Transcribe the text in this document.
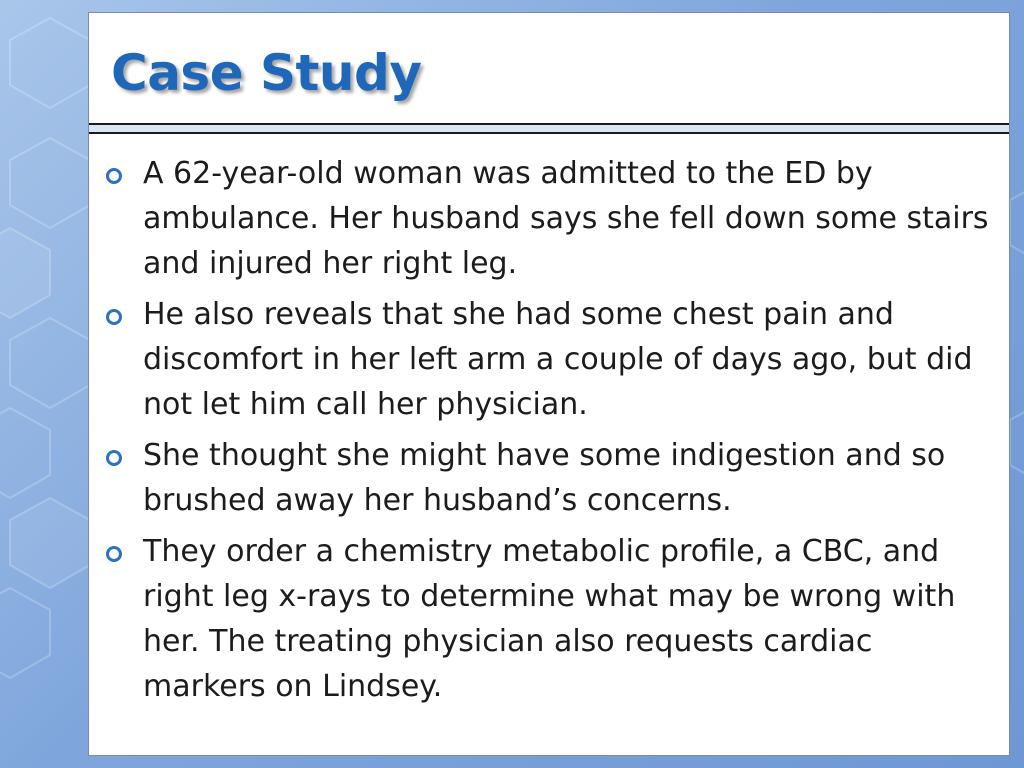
Case Study
A 62-year-old woman was admitted to the ED by ambulance. Her husband says she fell down some stairs and injured her right leg.
He also reveals that she had some chest pain and discomfort in her left arm a couple of days ago, but did not let him call her physician.
She thought she might have some indigestion and so brushed away her husband’s concerns.
They order a chemistry metabolic profile, a CBC, and right leg x-rays to determine what may be wrong with her. The treating physician also requests cardiac markers on Lindsey.
